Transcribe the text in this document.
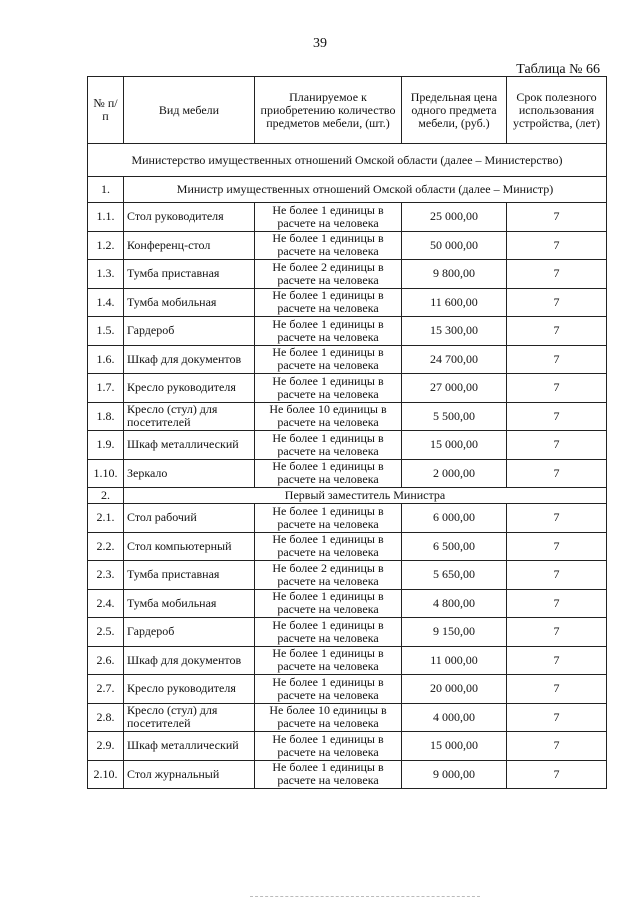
39
Таблица № 66
№ п/п	Вид мебели	Планируемое к приобретению количество предметов мебели, (шт.)	Предельная цена одного предмета мебели, (руб.)	Срок полезного использования устройства, (лет)
Министерство имущественных отношений Омской области (далее – Министерство)				
1.	Министр имущественных отношений Омской области (далее – Министр)			
1.1.	Стол руководителя	Не более 1 единицы в расчете на человека	25 000,00	7
1.2.	Конференц-стол	Не более 1 единицы в расчете на человека	50 000,00	7
1.3.	Тумба приставная	Не более 2 единицы в расчете на человека	9 800,00	7
1.4.	Тумба мобильная	Не более 1 единицы в расчете на человека	11 600,00	7
1.5.	Гардероб	Не более 1 единицы в расчете на человека	15 300,00	7
1.6.	Шкаф для документов	Не более 1 единицы в расчете на человека	24 700,00	7
1.7.	Кресло руководителя	Не более 1 единицы в расчете на человека	27 000,00	7
1.8.	Кресло (стул) для посетителей	Не более 10 единицы в расчете на человека	5 500,00	7
1.9.	Шкаф металлический	Не более 1 единицы в расчете на человека	15 000,00	7
1.10.	Зеркало	Не более 1 единицы в расчете на человека	2 000,00	7
2.	Первый заместитель Министра			
2.1.	Стол рабочий	Не более 1 единицы в расчете на человека	6 000,00	7
2.2.	Стол компьютерный	Не более 1 единицы в расчете на человека	6 500,00	7
2.3.	Тумба приставная	Не более 2 единицы в расчете на человека	5 650,00	7
2.4.	Тумба мобильная	Не более 1 единицы в расчете на человека	4 800,00	7
2.5.	Гардероб	Не более 1 единицы в расчете на человека	9 150,00	7
2.6.	Шкаф для документов	Не более 1 единицы в расчете на человека	11 000,00	7
2.7.	Кресло руководителя	Не более 1 единицы в расчете на человека	20 000,00	7
2.8.	Кресло (стул) для посетителей	Не более 10 единицы в расчете на человека	4 000,00	7
2.9.	Шкаф металлический	Не более 1 единицы в расчете на человека	15 000,00	7
2.10.	Стол журнальный	Не более 1 единицы в расчете на человека	9 000,00	7
